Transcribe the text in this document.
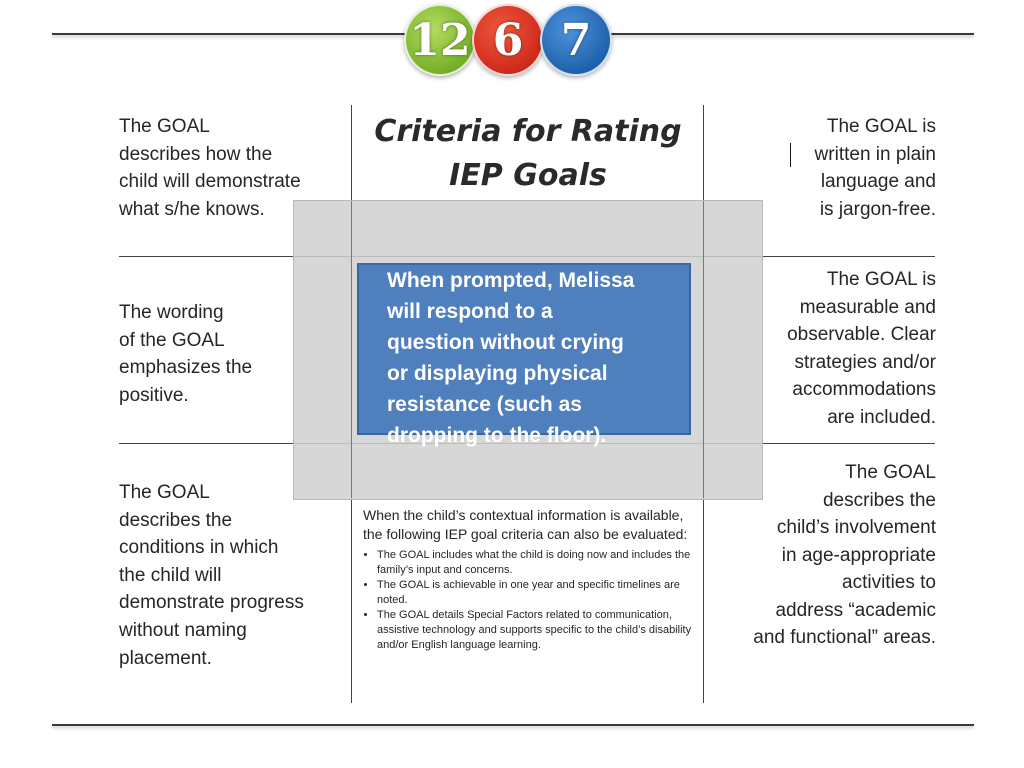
12 6 7
Criteria for Rating
IEP Goals
The GOAL
describes how the
child will demonstrate
what s/he knows.
The wording
of the GOAL
emphasizes the
positive.
The GOAL
describes the
conditions in which
the child will
demonstrate progress
without naming
placement.
The GOAL is
written in plain
language and
is jargon-free.
The GOAL is
measurable and
observable. Clear
strategies and/or
accommodations
are included.
The GOAL
describes the
child’s involvement
in age-appropriate
activities to
address “academic
and functional” areas.
When prompted, Melissa
will respond to a
question without crying
or displaying physical
resistance (such as
dropping to the floor).
When the child’s contextual information is available, the following IEP goal criteria can also be evaluated:
• The GOAL includes what the child is doing now and includes the family’s input and concerns.
• The GOAL is achievable in one year and specific timelines are noted.
• The GOAL details Special Factors related to communication, assistive technology and supports specific to the child’s disability and/or English language learning.
